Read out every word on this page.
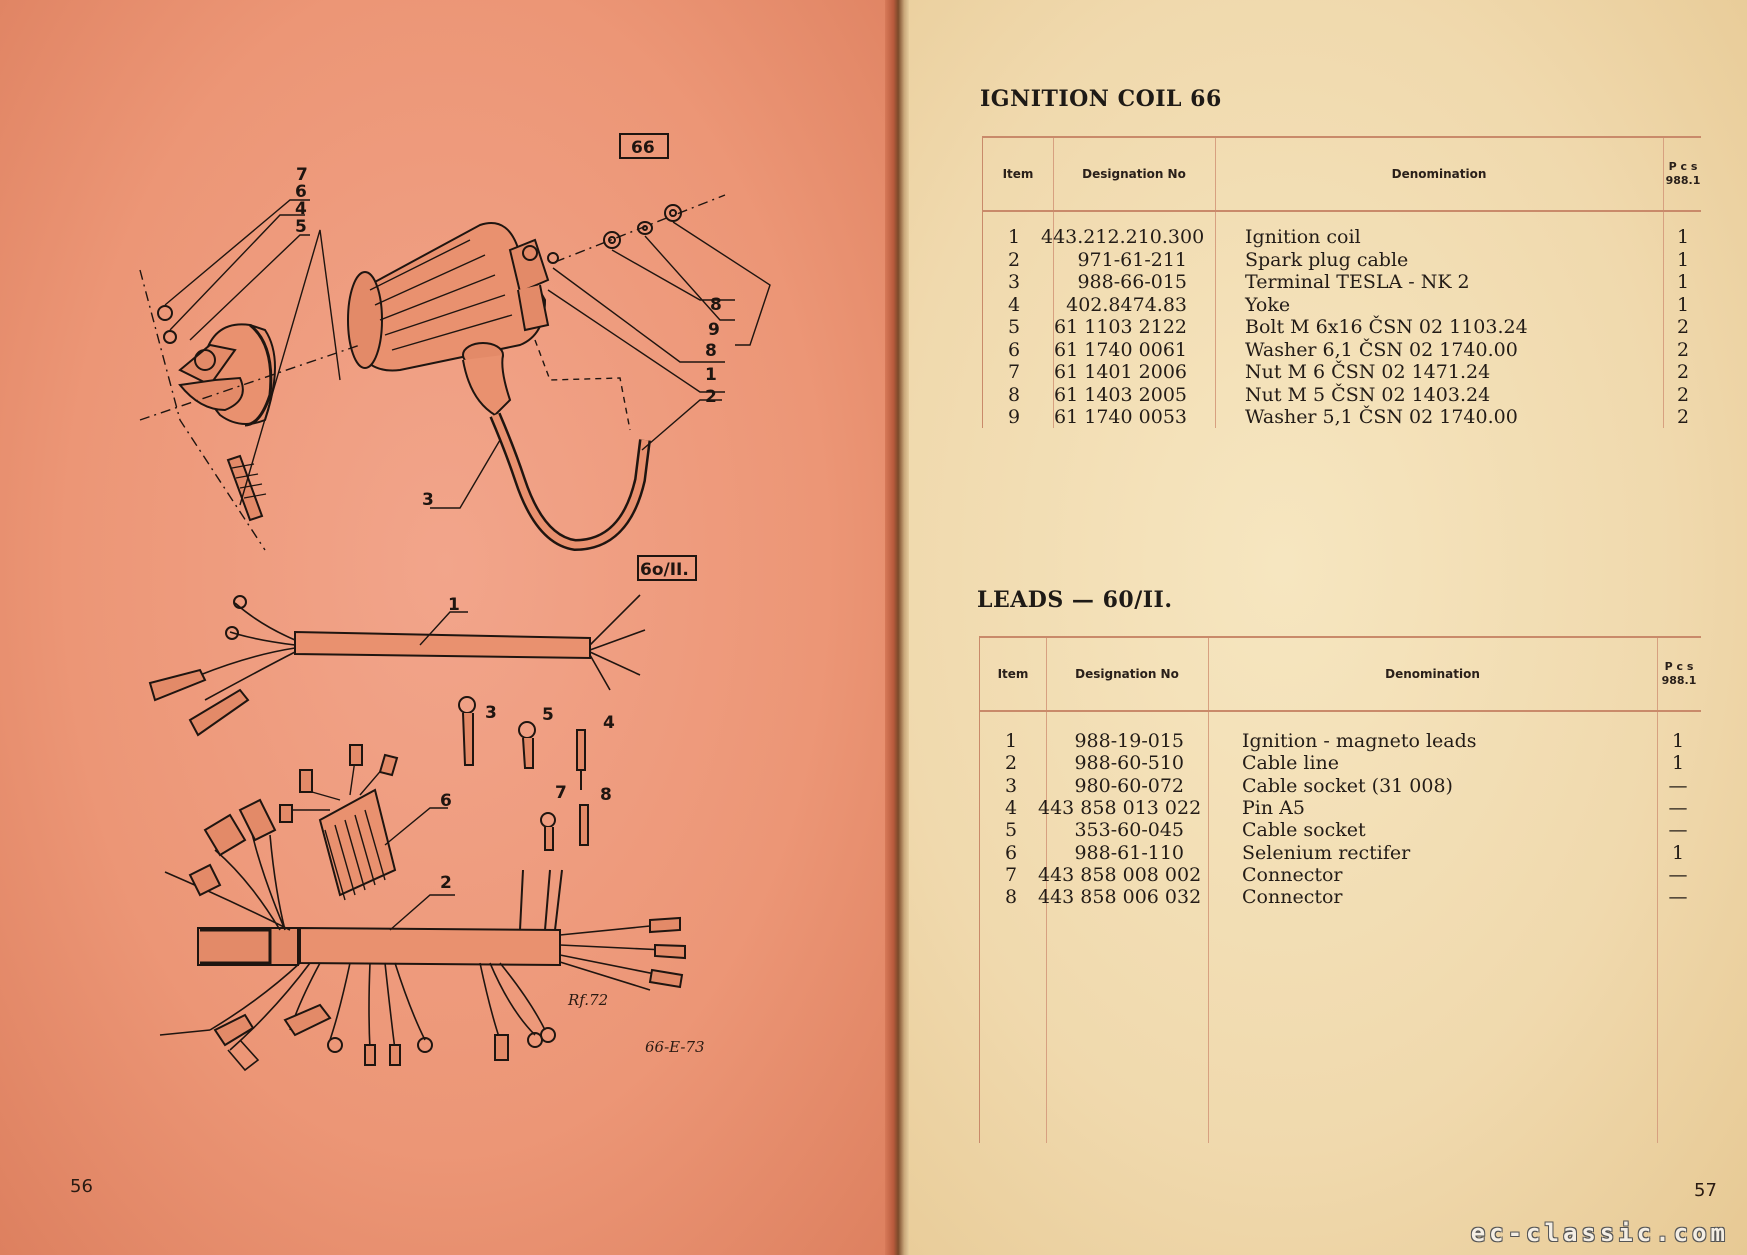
66
7
6
4
5
8
9
8
1
2
3
6o/II.
1
3	5	4
7 8
6
2
Rf.72
66-E-73
56
IGNITION COIL 66
Item	Designation No	Denomination
P c s
988.1
1	443.212.210.300 Ignition coil	1
2	971-61-211	Spark plug cable	1
3	988-66-015	Terminal TESLA - NK 2	1
4	402.8474.83	Yoke	1
5	61 1103 2122	Bolt M 6x16 ČSN 02 1103.24	2
6	61 1740 0061	Washer 6,1 ČSN 02 1740.00	2
7	61 1401 2006	Nut M 6 ČSN 02 1471.24	2
8	61 1403 2005	Nut M 5 ČSN 02 1403.24	2
9	61 1740 0053	Washer 5,1 ČSN 02 1740.00	2
LEADS — 60/II.
Item	Designation No	Denomination
P c s
988.1
1	988-19-015	Ignition - magneto leads	1
2	988-60-510	Cable line	1
3	980-60-072	Cable socket (31 008)	—
4	443 858 013 022 Pin A5	—
5	353-60-045	Cable socket	—
6	988-61-110	Selenium rectifer	1
7	443 858 008 002 Connector	—
8	443 858 006 032 Connector	—
57
ec-classic.com
